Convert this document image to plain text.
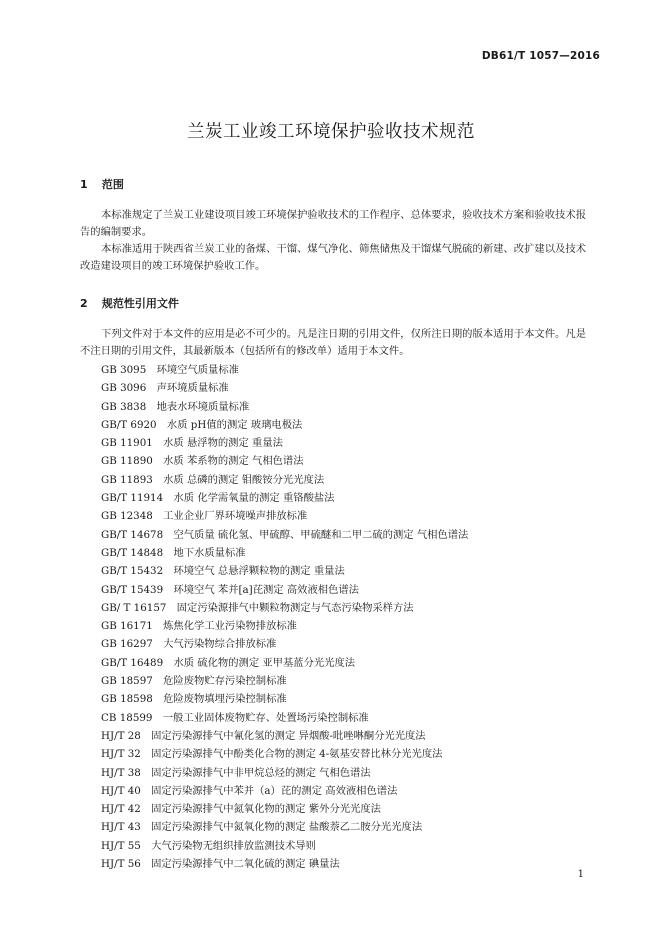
DB61/T 1057—2016
兰炭工业竣工环境保护验收技术规范
1 范围
本标准规定了兰炭工业建设项目竣工环境保护验收技术的工作程序、总体要求，验收技术方案和验收技术报告的编制要求。
本标准适用于陕西省兰炭工业的备煤、干馏、煤气净化、筛焦储焦及干馏煤气脱硫的新建、改扩建以及技术改造建设项目的竣工环境保护验收工作。
2 规范性引用文件
下列文件对于本文件的应用是必不可少的。凡是注日期的引用文件，仅所注日期的版本适用于本文件。凡是不注日期的引用文件，其最新版本（包括所有的修改单）适用于本文件。
GB 3095  环境空气质量标准
GB 3096  声环境质量标准
GB 3838  地表水环境质量标准
GB/T 6920  水质 pH值的测定 玻璃电极法
GB 11901  水质 悬浮物的测定 重量法
GB 11890  水质 苯系物的测定 气相色谱法
GB 11893  水质 总磷的测定 钼酸铵分光光度法
GB/T 11914  水质 化学需氧量的测定 重铬酸盐法
GB 12348  工业企业厂界环境噪声排放标准
GB/T 14678  空气质量 硫化氢、甲硫醇、甲硫醚和二甲二硫的测定 气相色谱法
GB/T 14848  地下水质量标准
GB/T 15432  环境空气 总悬浮颗粒物的测定 重量法
GB/T 15439  环境空气 苯并[a]芘测定 高效液相色谱法
GB/ T 16157  固定污染源排气中颗粒物测定与气态污染物采样方法
GB 16171  炼焦化学工业污染物排放标准
GB 16297  大气污染物综合排放标准
GB/T 16489  水质 硫化物的测定 亚甲基蓝分光光度法
GB 18597  危险废物贮存污染控制标准
GB 18598  危险废物填埋污染控制标准
CB 18599  一般工业固体废物贮存、处置场污染控制标准
HJ/T 28  固定污染源排气中氰化氢的测定 异烟酸-吡唑啉酮分光光度法
HJ/T 32  固定污染源排气中酚类化合物的测定 4-氨基安替比林分光光度法
HJ/T 38  固定污染源排气中非甲烷总烃的测定 气相色谱法
HJ/T 40  固定污染源排气中苯并（a）芘的测定 高效液相色谱法
HJ/T 42  固定污染源排气中氮氧化物的测定 紫外分光光度法
HJ/T 43  固定污染源排气中氮氧化物的测定 盐酸萘乙二胺分光光度法
HJ/T 55  大气污染物无组织排放监测技术导则
HJ/T 56  固定污染源排气中二氧化硫的测定 碘量法
1
